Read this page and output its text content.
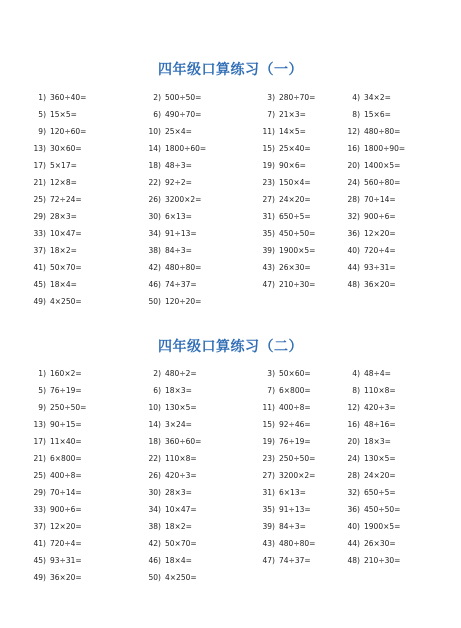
四年级口算练习（一）
1) 360÷40=	2) 500÷50=	3) 280÷70=	4) 34×2=
5) 15×5=	6) 490÷70=	7) 21×3=	8) 15×6=
9) 120÷60=	10) 25×4=	11) 14×5=	12) 480÷80=
13) 30×60=	14) 1800÷60=	15) 25×40=	16) 1800÷90=
17) 5×17=	18) 48÷3=	19) 90×6=	20) 1400×5=
21) 12×8=	22) 92÷2=	23) 150×4=	24) 560÷80=
25) 72÷24=	26) 3200×2=	27) 24×20=	28) 70÷14=
29) 28×3=	30) 6×13=	31) 650÷5=	32) 900÷6=
33) 10×47=	34) 91÷13=	35) 450÷50=	36) 12×20=
37) 18×2=	38) 84÷3=	39) 1900×5=	40) 720÷4=
41) 50×70=	42) 480÷80=	43) 26×30=	44) 93÷31=
45) 18×4=	46) 74÷37=	47) 210÷30=	48) 36×20=
49) 4×250=	50) 120÷20=
四年级口算练习（二）
1) 160×2=	2) 480÷2=	3) 50×60=	4) 48÷4=
5) 76÷19=	6) 18×3=	7) 6×800=	8) 110×8=
9) 250÷50=	10) 130×5=	11) 400÷8=	12) 420÷3=
13) 90÷15=	14) 3×24=	15) 92÷46=	16) 48÷16=
17) 11×40=	18) 360÷60=	19) 76÷19=	20) 18×3=
21) 6×800=	22) 110×8=	23) 250÷50=	24) 130×5=
25) 400÷8=	26) 420÷3=	27) 3200×2=	28) 24×20=
29) 70÷14=	30) 28×3=	31) 6×13=	32) 650÷5=
33) 900÷6=	34) 10×47=	35) 91÷13=	36) 450÷50=
37) 12×20=	38) 18×2=	39) 84÷3=	40) 1900×5=
41) 720÷4=	42) 50×70=	43) 480÷80=	44) 26×30=
45) 93÷31=	46) 18×4=	47) 74÷37=	48) 210÷30=
49) 36×20=	50) 4×250=
